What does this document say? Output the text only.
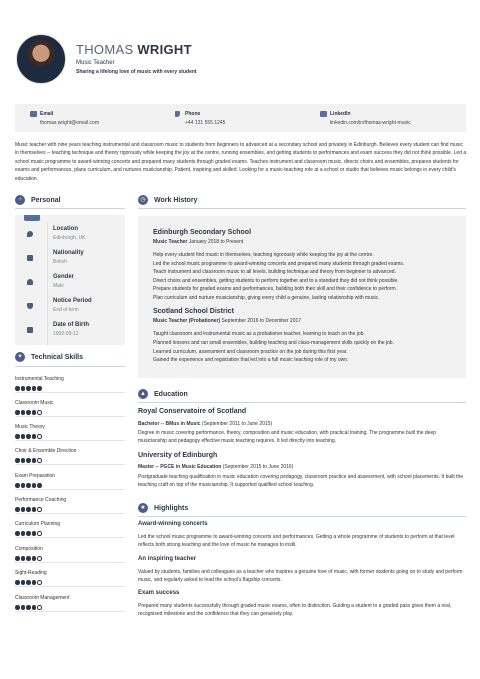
THOMAS WRIGHT
Music Teacher
Sharing a lifelong love of music with every student
Email
thomas.wright@email.com
Phone
+44 131 555 1245
LinkedIn
linkedin.com/in/thomas-wright-music
Music teacher with nine years teaching instrumental and classroom music to students from beginners to advanced at a secondary school and privately in Edinburgh. Believes every student can find music in themselves -- teaching technique and theory rigorously while keeping the joy at the centre, running ensembles, and getting students to performances and exam success they did not think possible. Led a school music programme to award-winning concerts and prepared many students through graded exams. Teaches instrument and classroom music, directs choirs and ensembles, prepares students for exams and performances, plans curriculum, and nurtures musicianship. Patient, inspiring and skilled. Looking for a music-teaching role at a school or studio that believes music belongs in every child's education.
♂	Personal
Location
Edinburgh, UK
Nationality
British
Gender
Male
Notice Period
End of term
Date of Birth
1992-09-12
✦	Technical Skills
Instrumental Teaching
Classroom Music
Music Theory
Choir & Ensemble Direction
Exam Preparation
Performance Coaching
Curriculum Planning
Composition
Sight-Reading
Classroom Management
◷	Work History
Edinburgh Secondary School
Music Teacher January 2018 to Present
Help every student find music in themselves, teaching rigorously while keeping the joy at the centre.
Led the school music programme to award-winning concerts and prepared many students through graded exams.
Teach instrument and classroom music to all levels, building technique and theory from beginner to advanced.
Direct choirs and ensembles, getting students to perform together and to a standard they did not think possible.
Prepare students for graded exams and performances, building both their skill and their confidence to perform.
Plan curriculum and nurture musicianship, giving every child a genuine, lasting relationship with music.
Scotland School District
Music Teacher (Probationer) September 2016 to December 2017
Taught classroom and instrumental music as a probationer teacher, learning to teach on the job.
Planned lessons and ran small ensembles, building teaching and class-management skills quickly on the job.
Learned curriculum, assessment and classroom practice on the job during this first year.
Gained the experience and registration that led into a full music teaching role of my own.
▲ Education
Royal Conservatoire of Scotland
Bachelor -- BMus in Music (September 2011 to June 2015)
Degree in music covering performance, theory, composition and music education, with practical training. The programme built the deep musicianship and pedagogy effective music teaching requires. It led directly into teaching.
University of Edinburgh
Master -- PGCE in Music Education (September 2015 to June 2016)
Postgraduate teaching qualification in music education covering pedagogy, classroom practice and assessment, with school placements. It built the teaching craft on top of the musicianship. It supported qualified school teaching.
★	Highlights
Award-winning concerts
Led the school music programme to award-winning concerts and performances. Getting a whole programme of students to perform at that level reflects both strong teaching and the love of music he manages to instil.
An inspiring teacher
Valued by students, families and colleagues as a teacher who inspires a genuine love of music, with former students going on to study and perform music, and regularly asked to lead the school's flagship concerts.
Exam success
Prepared many students successfully through graded music exams, often to distinction. Guiding a student to a graded pass gives them a real, recognised milestone and the confidence that they can genuinely play.
